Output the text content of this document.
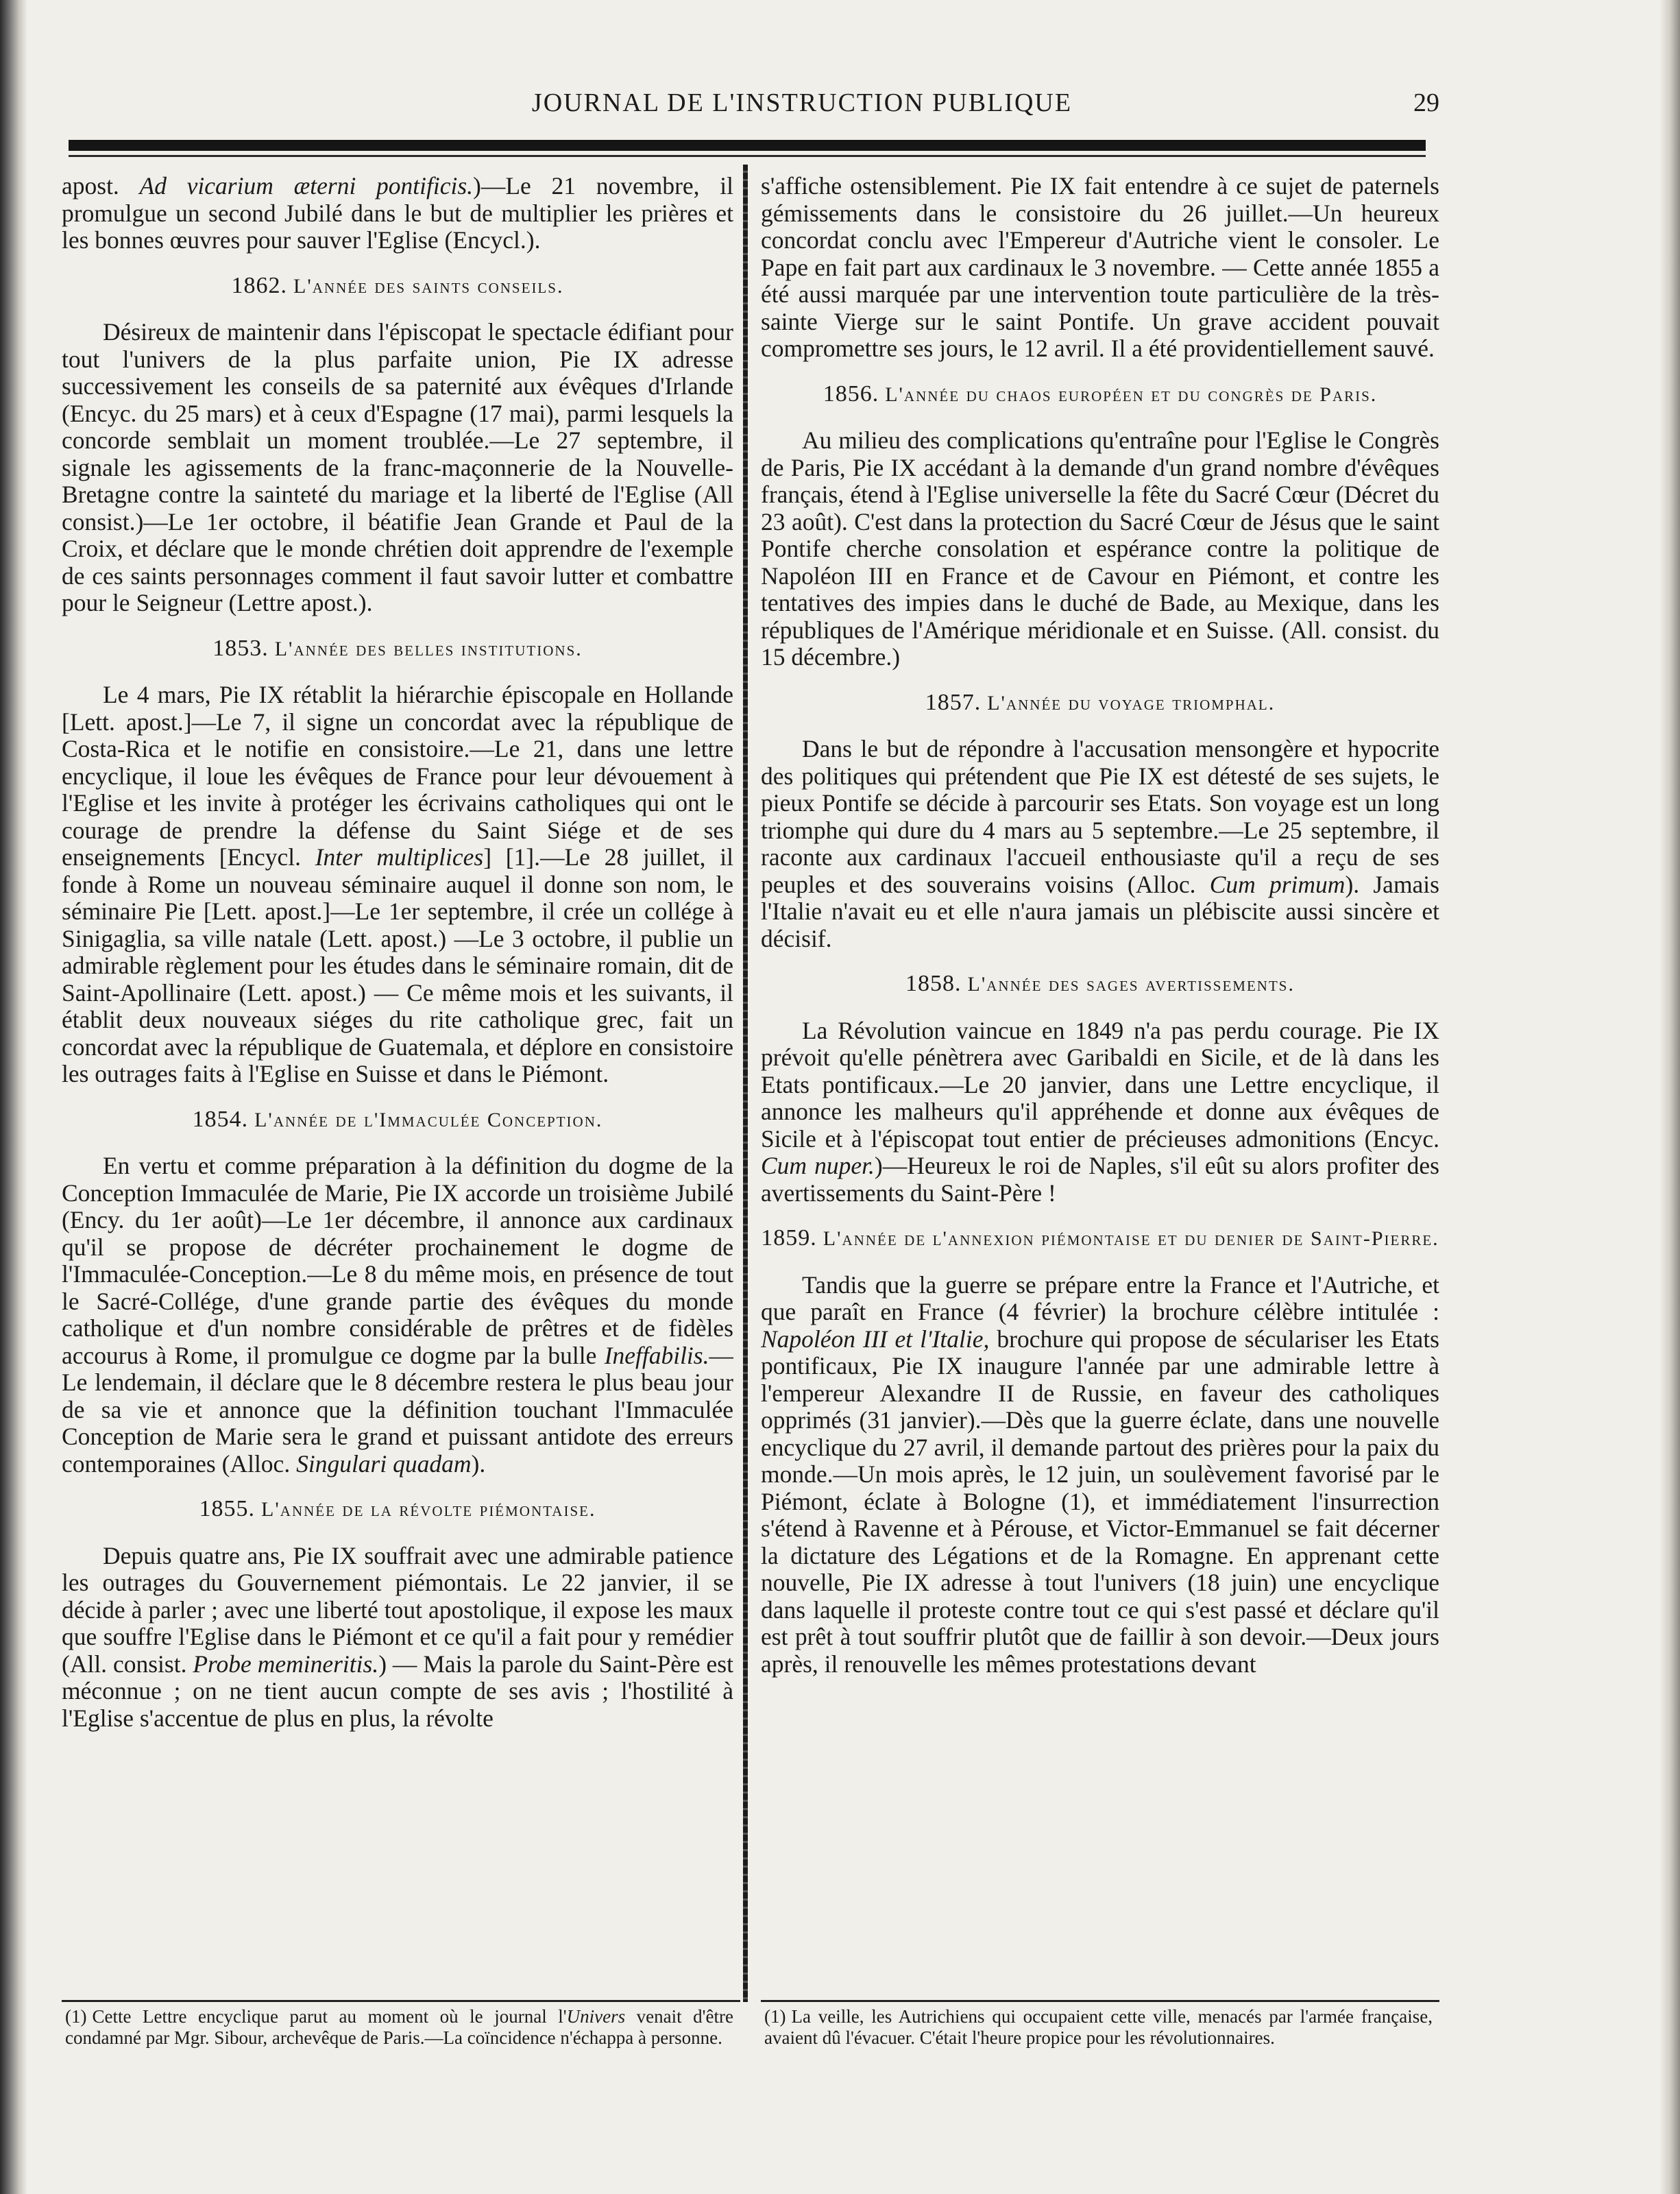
JOURNAL DE L'INSTRUCTION PUBLIQUE	29

apost. Ad vicarium æterni pontificis.)—Le 21 novembre, il promulgue un second Jubilé dans le but de multiplier les prières et les bonnes œuvres pour sauver l'Eglise (Encycl.).

1862. L'année des saints conseils.

Désireux de maintenir dans l'épiscopat le spectacle édifiant pour tout l'univers de la plus parfaite union, Pie IX adresse successivement les conseils de sa paternité aux évêques d'Irlande (Encyc. du 25 mars) et à ceux d'Espagne (17 mai), parmi lesquels la concorde semblait un moment troublée.—Le 27 septembre, il signale les agissements de la franc-maçonnerie de la Nouvelle-Bretagne contre la sainteté du mariage et la liberté de l'Eglise (All consist.)—Le 1er octobre, il béatifie Jean Grande et Paul de la Croix, et déclare que le monde chrétien doit apprendre de l'exemple de ces saints personnages comment il faut savoir lutter et combattre pour le Seigneur (Lettre apost.).

1853. L'année des belles institutions.

Le 4 mars, Pie IX rétablit la hiérarchie épiscopale en Hollande [Lett. apost.]—Le 7, il signe un concordat avec la république de Costa-Rica et le notifie en consistoire.—Le 21, dans une lettre encyclique, il loue les évêques de France pour leur dévouement à l'Eglise et les invite à protéger les écrivains catholiques qui ont le courage de prendre la défense du Saint Siége et de ses enseignements [Encycl. Inter multiplices] [1].—Le 28 juillet, il fonde à Rome un nouveau séminaire auquel il donne son nom, le séminaire Pie [Lett. apost.]—Le 1er septembre, il crée un collége à Sinigaglia, sa ville natale (Lett. apost.) —Le 3 octobre, il publie un admirable règlement pour les études dans le séminaire romain, dit de Saint-Apollinaire (Lett. apost.) — Ce même mois et les suivants, il établit deux nouveaux siéges du rite catholique grec, fait un concordat avec la république de Guatemala, et déplore en consistoire les outrages faits à l'Eglise en Suisse et dans le Piémont.

1854. L'année de l'Immaculée Conception.

En vertu et comme préparation à la définition du dogme de la Conception Immaculée de Marie, Pie IX accorde un troisième Jubilé (Ency. du 1er août)—Le 1er décembre, il annonce aux cardinaux qu'il se propose de décréter prochainement le dogme de l'Immaculée-Conception.—Le 8 du même mois, en présence de tout le Sacré-Collége, d'une grande partie des évêques du monde catholique et d'un nombre considérable de prêtres et de fidèles accourus à Rome, il promulgue ce dogme par la bulle Ineffabilis.—Le lendemain, il déclare que le 8 décembre restera le plus beau jour de sa vie et annonce que la définition touchant l'Immaculée Conception de Marie sera le grand et puissant antidote des erreurs contemporaines (Alloc. Singulari quadam).

1855. L'année de la révolte piémontaise.

Depuis quatre ans, Pie IX souffrait avec une admirable patience les outrages du Gouvernement piémontais. Le 22 janvier, il se décide à parler ; avec une liberté tout apostolique, il expose les maux que souffre l'Eglise dans le Piémont et ce qu'il a fait pour y remédier (All. consist. Probe memineritis.) — Mais la parole du Saint-Père est méconnue ; on ne tient aucun compte de ses avis ; l'hostilité à l'Eglise s'accentue de plus en plus, la révolte

s'affiche ostensiblement. Pie IX fait entendre à ce sujet de paternels gémissements dans le consistoire du 26 juillet.—Un heureux concordat conclu avec l'Empereur d'Autriche vient le consoler. Le Pape en fait part aux cardinaux le 3 novembre. — Cette année 1855 a été aussi marquée par une intervention toute particulière de la très-sainte Vierge sur le saint Pontife. Un grave accident pouvait compromettre ses jours, le 12 avril. Il a été providentiellement sauvé.

1856. L'année du chaos européen et du congrès de Paris.

Au milieu des complications qu'entraîne pour l'Eglise le Congrès de Paris, Pie IX accédant à la demande d'un grand nombre d'évêques français, étend à l'Eglise universelle la fête du Sacré Cœur (Décret du 23 août). C'est dans la protection du Sacré Cœur de Jésus que le saint Pontife cherche consolation et espérance contre la politique de Napoléon III en France et de Cavour en Piémont, et contre les tentatives des impies dans le duché de Bade, au Mexique, dans les républiques de l'Amérique méridionale et en Suisse. (All. consist. du 15 décembre.)

1857. L'année du voyage triomphal.

Dans le but de répondre à l'accusation mensongère et hypocrite des politiques qui prétendent que Pie IX est détesté de ses sujets, le pieux Pontife se décide à parcourir ses Etats. Son voyage est un long triomphe qui dure du 4 mars au 5 septembre.—Le 25 septembre, il raconte aux cardinaux l'accueil enthousiaste qu'il a reçu de ses peuples et des souverains voisins (Alloc. Cum primum). Jamais l'Italie n'avait eu et elle n'aura jamais un plébiscite aussi sincère et décisif.

1858. L'année des sages avertissements.

La Révolution vaincue en 1849 n'a pas perdu courage. Pie IX prévoit qu'elle pénètrera avec Garibaldi en Sicile, et de là dans les Etats pontificaux.—Le 20 janvier, dans une Lettre encyclique, il annonce les malheurs qu'il appréhende et donne aux évêques de Sicile et à l'épiscopat tout entier de précieuses admonitions (Encyc. Cum nuper.)—Heureux le roi de Naples, s'il eût su alors profiter des avertissements du Saint-Père !

1859. L'année de l'annexion piémontaise et du denier de Saint-Pierre.

Tandis que la guerre se prépare entre la France et l'Autriche, et que paraît en France (4 février) la brochure célèbre intitulée : Napoléon III et l'Italie, brochure qui propose de séculariser les Etats pontificaux, Pie IX inaugure l'année par une admirable lettre à l'empereur Alexandre II de Russie, en faveur des catholiques opprimés (31 janvier).—Dès que la guerre éclate, dans une nouvelle encyclique du 27 avril, il demande partout des prières pour la paix du monde.—Un mois après, le 12 juin, un soulèvement favorisé par le Piémont, éclate à Bologne (1), et immédiatement l'insurrection s'étend à Ravenne et à Pérouse, et Victor-Emmanuel se fait décerner la dictature des Légations et de la Romagne. En apprenant cette nouvelle, Pie IX adresse à tout l'univers (18 juin) une encyclique dans laquelle il proteste contre tout ce qui s'est passé et déclare qu'il est prêt à tout souffrir plutôt que de faillir à son devoir.—Deux jours après, il renouvelle les mêmes protestations devant

(1) Cette Lettre encyclique parut au moment où le journal l'Univers venait d'être condamné par Mgr. Sibour, archevêque de Paris.—La coïncidence n'échappa à personne.
(1) La veille, les Autrichiens qui occupaient cette ville, menacés par l'armée française, avaient dû l'évacuer. C'était l'heure propice pour les révolutionnaires.
